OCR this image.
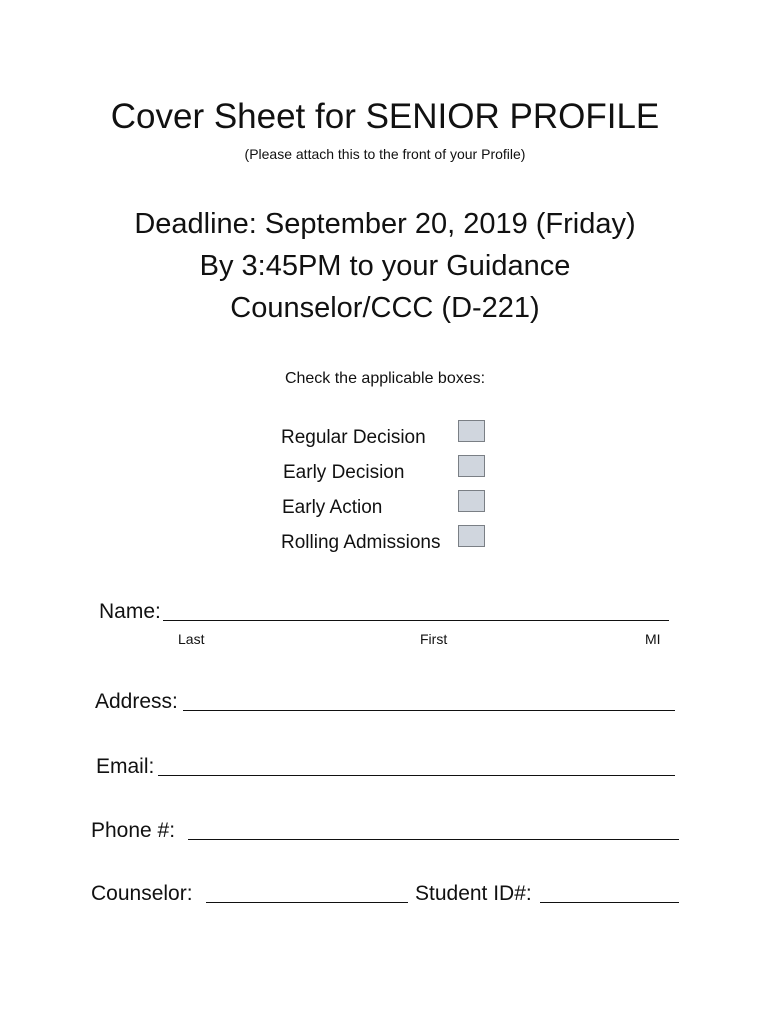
Cover Sheet for SENIOR PROFILE
(Please attach this to the front of your Profile)
Deadline: September 20, 2019 (Friday)
By 3:45PM to your Guidance
Counselor/CCC (D-221)
Check the applicable boxes:
Regular Decision
Early Decision
Early Action
Rolling Admissions
Name:
Last	First	MI
Address:
Email:
Phone #:
Counselor:	Student ID#:
